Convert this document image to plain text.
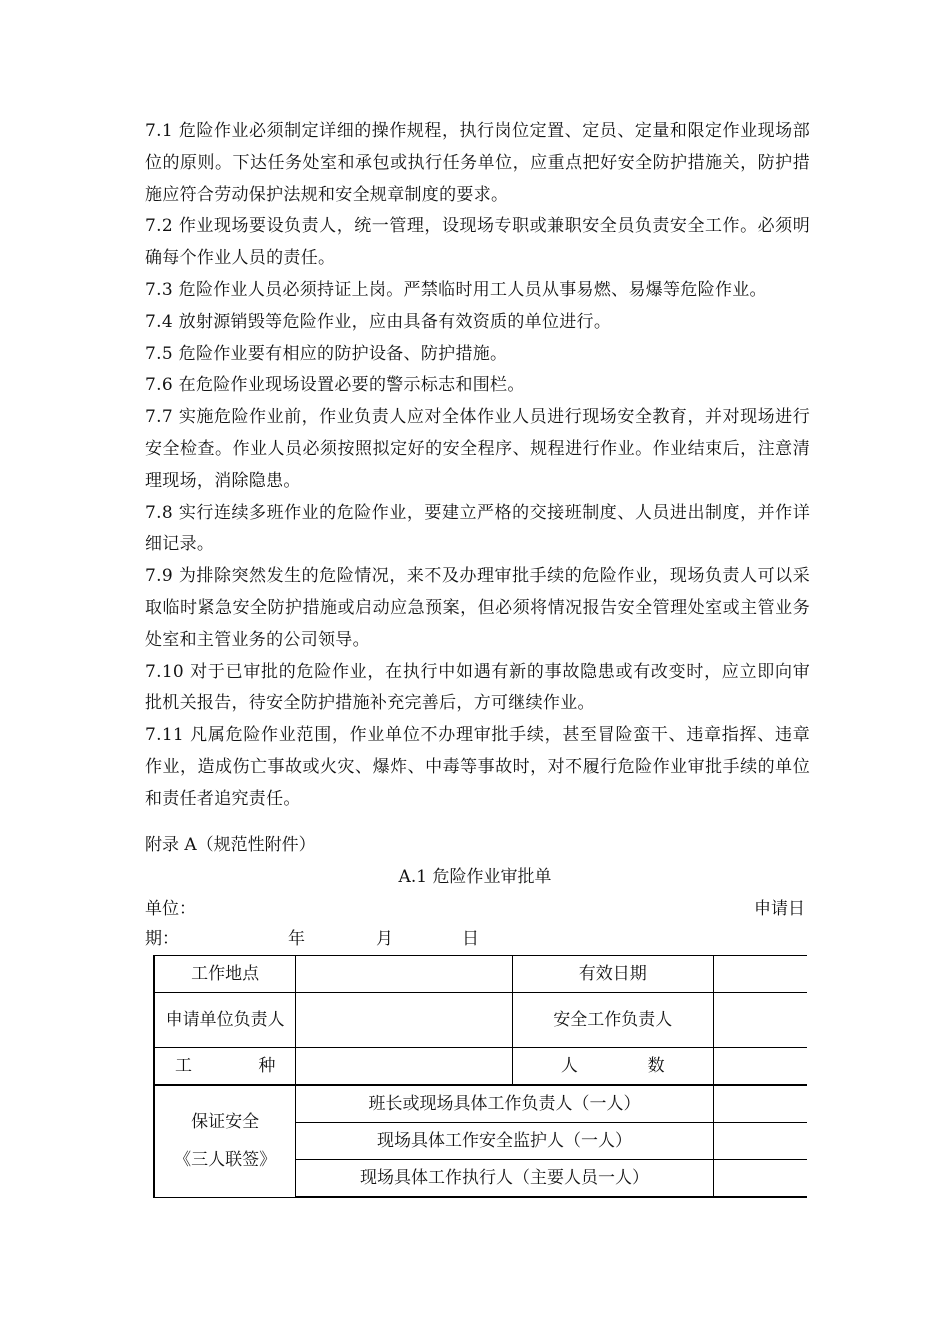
7.1 危险作业必须制定详细的操作规程，执行岗位定置、定员、定量和限定作业现场部位的原则。下达任务处室和承包或执行任务单位，应重点把好安全防护措施关，防护措施应符合劳动保护法规和安全规章制度的要求。

7.2 作业现场要设负责人，统一管理，设现场专职或兼职安全员负责安全工作。必须明确每个作业人员的责任。

7.3 危险作业人员必须持证上岗。严禁临时用工人员从事易燃、易爆等危险作业。

7.4 放射源销毁等危险作业，应由具备有效资质的单位进行。

7.5 危险作业要有相应的防护设备、防护措施。

7.6 在危险作业现场设置必要的警示标志和围栏。

7.7 实施危险作业前，作业负责人应对全体作业人员进行现场安全教育，并对现场进行安全检查。作业人员必须按照拟定好的安全程序、规程进行作业。作业结束后，注意清理现场，消除隐患。

7.8 实行连续多班作业的危险作业，要建立严格的交接班制度、人员进出制度，并作详细记录。

7.9 为排除突然发生的危险情况，来不及办理审批手续的危险作业，现场负责人可以采取临时紧急安全防护措施或启动应急预案，但必须将情况报告安全管理处室或主管业务处室和主管业务的公司领导。

7.10 对于已审批的危险作业，在执行中如遇有新的事故隐患或有改变时，应立即向审批机关报告，待安全防护措施补充完善后，方可继续作业。

7.11 凡属危险作业范围，作业单位不办理审批手续，甚至冒险蛮干、违章指挥、违章作业，造成伤亡事故或火灾、爆炸、中毒等事故时，对不履行危险作业审批手续的单位和责任者追究责任。

附录 A（规范性附件）
A.1 危险作业审批单
单位：	申请日
期：	年	月	日
工作地点		有效日期	
申请单位负责人		安全工作负责人	

工 种		人 数	

保证安全
《三人联签》	班长或现场具体工作负责人（一人）		
	现场具体工作安全监护人（一人）		
	现场具体工作执行人（主要人员一人）		
